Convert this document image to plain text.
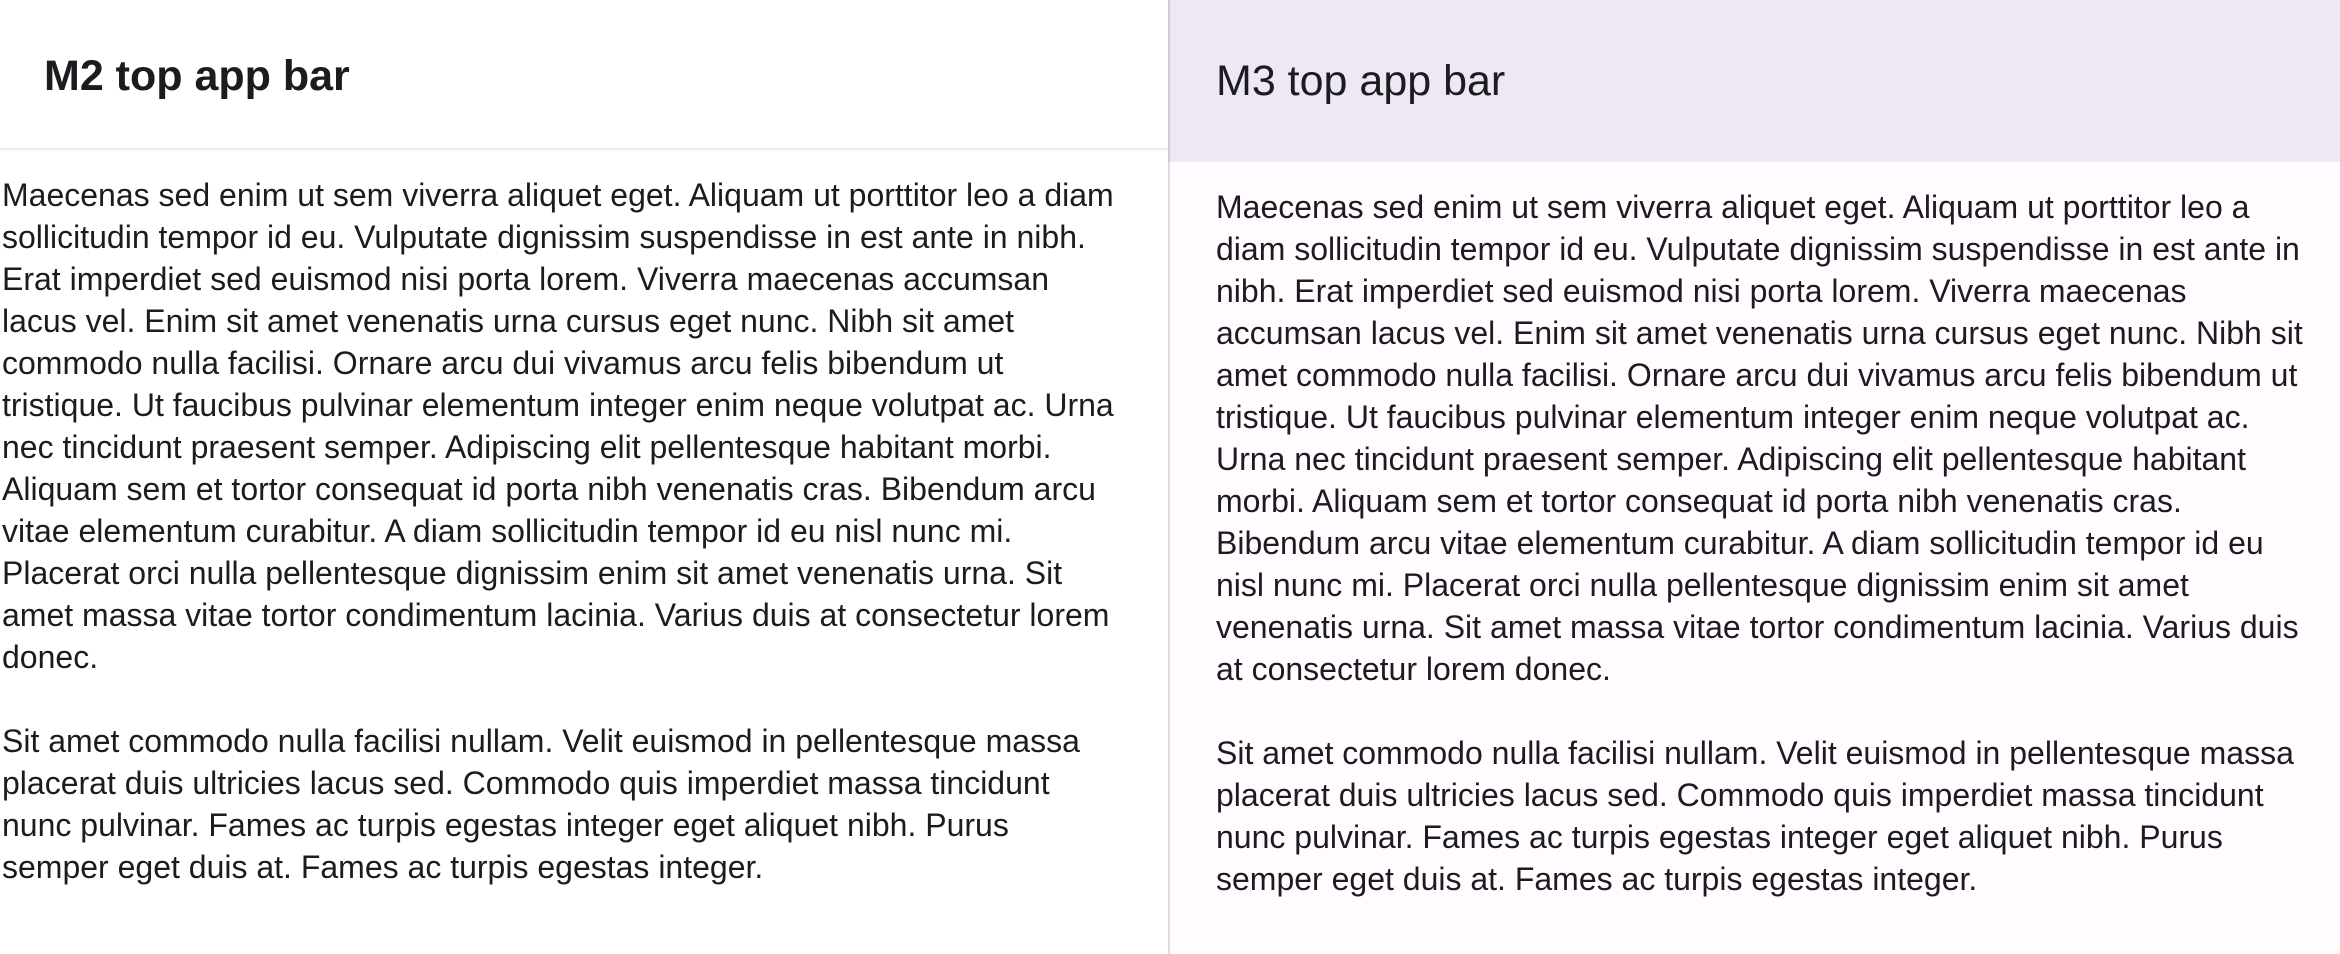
M2 top app bar

Maecenas sed enim ut sem viverra aliquet eget. Aliquam ut porttitor leo a diam sollicitudin tempor id eu. Vulputate dignissim suspendisse in est ante in nibh. Erat imperdiet sed euismod nisi porta lorem. Viverra maecenas accumsan lacus vel. Enim sit amet venenatis urna cursus eget nunc. Nibh sit amet commodo nulla facilisi. Ornare arcu dui vivamus arcu felis bibendum ut tristique. Ut faucibus pulvinar elementum integer enim neque volutpat ac. Urna nec tincidunt praesent semper. Adipiscing elit pellentesque habitant morbi. Aliquam sem et tortor consequat id porta nibh venenatis cras. Bibendum arcu vitae elementum curabitur. A diam sollicitudin tempor id eu nisl nunc mi. Placerat orci nulla pellentesque dignissim enim sit amet venenatis urna. Sit amet massa vitae tortor condimentum lacinia. Varius duis at consectetur lorem donec.

Sit amet commodo nulla facilisi nullam. Velit euismod in pellentesque massa placerat duis ultricies lacus sed. Commodo quis imperdiet massa tincidunt nunc pulvinar. Fames ac turpis egestas integer eget aliquet nibh. Purus semper eget duis at. Fames ac turpis egestas integer.

M3 top app bar

Maecenas sed enim ut sem viverra aliquet eget. Aliquam ut porttitor leo a diam sollicitudin tempor id eu. Vulputate dignissim suspendisse in est ante in nibh. Erat imperdiet sed euismod nisi porta lorem. Viverra maecenas accumsan lacus vel. Enim sit amet venenatis urna cursus eget nunc. Nibh sit amet commodo nulla facilisi. Ornare arcu dui vivamus arcu felis bibendum ut tristique. Ut faucibus pulvinar elementum integer enim neque volutpat ac. Urna nec tincidunt praesent semper. Adipiscing elit pellentesque habitant morbi. Aliquam sem et tortor consequat id porta nibh venenatis cras. Bibendum arcu vitae elementum curabitur. A diam sollicitudin tempor id eu nisl nunc mi. Placerat orci nulla pellentesque dignissim enim sit amet venenatis urna. Sit amet massa vitae tortor condimentum lacinia. Varius duis at consectetur lorem donec.

Sit amet commodo nulla facilisi nullam. Velit euismod in pellentesque massa placerat duis ultricies lacus sed. Commodo quis imperdiet massa tincidunt nunc pulvinar. Fames ac turpis egestas integer eget aliquet nibh. Purus semper eget duis at. Fames ac turpis egestas integer.
